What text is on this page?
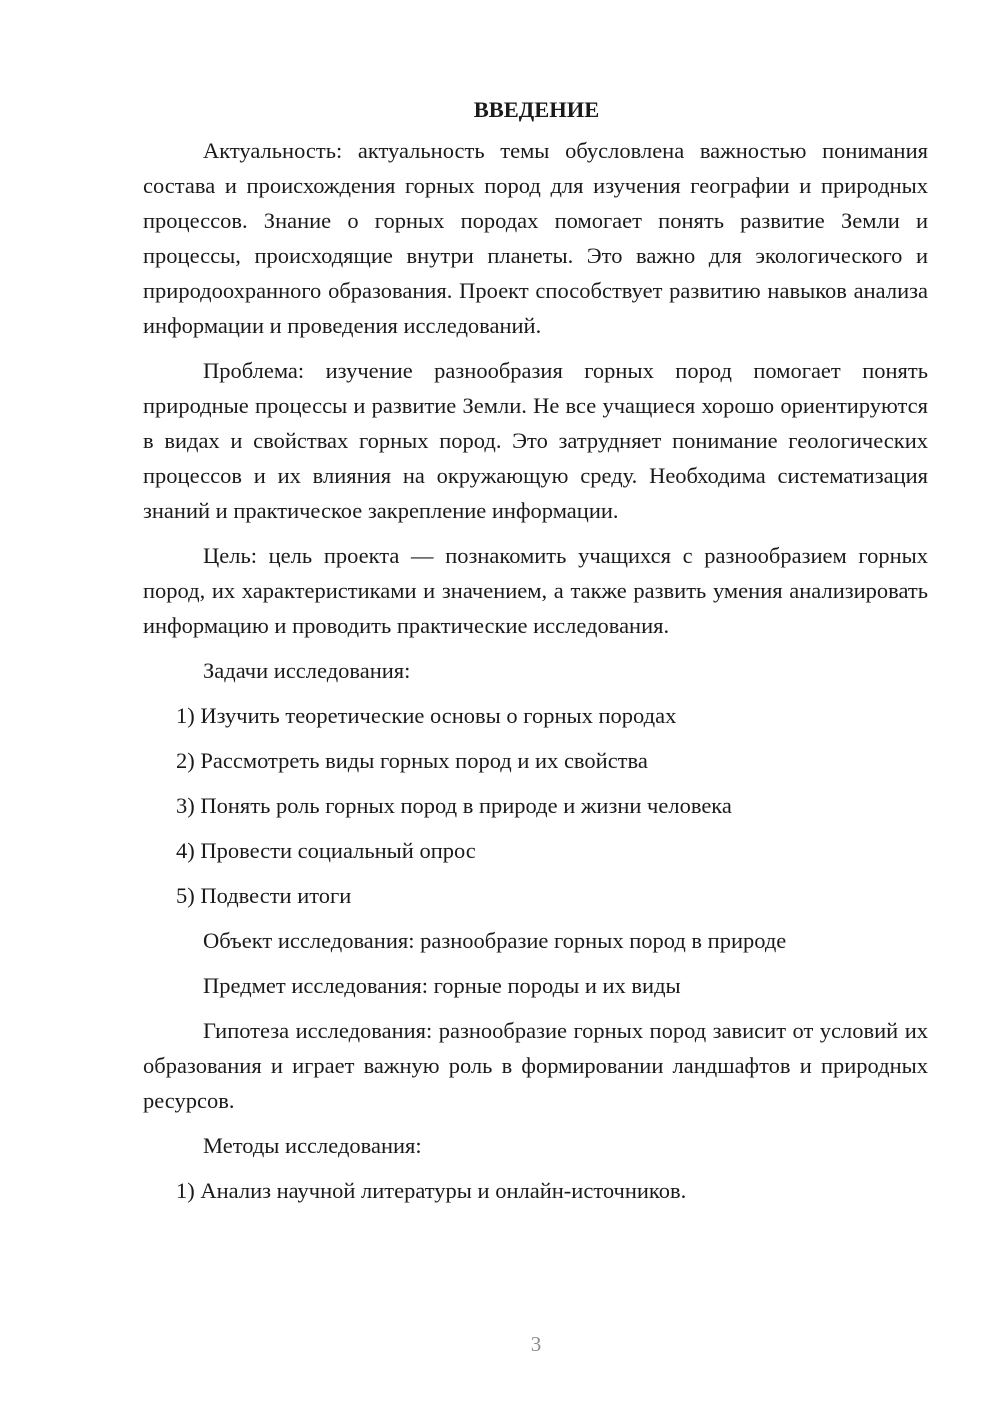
ВВЕДЕНИЕ

Актуальность: актуальность темы обусловлена важностью понимания состава и происхождения горных пород для изучения географии и природных процессов. Знание о горных породах помогает понять развитие Земли и процессы, происходящие внутри планеты. Это важно для экологического и природоохранного образования. Проект способствует развитию навыков анализа информации и проведения исследований.

Проблема: изучение разнообразия горных пород помогает понять природные процессы и развитие Земли. Не все учащиеся хорошо ориентируются в видах и свойствах горных пород. Это затрудняет понимание геологических процессов и их влияния на окружающую среду. Необходима систематизация знаний и практическое закрепление информации.

Цель: цель проекта — познакомить учащихся с разнообразием горных пород, их характеристиками и значением, а также развить умения анализировать информацию и проводить практические исследования.

Задачи исследования:

1) Изучить теоретические основы о горных породах

2) Рассмотреть виды горных пород и их свойства

3) Понять роль горных пород в природе и жизни человека

4) Провести социальный опрос

5) Подвести итоги

Объект исследования: разнообразие горных пород в природе

Предмет исследования: горные породы и их виды

Гипотеза исследования: разнообразие горных пород зависит от условий их образования и играет важную роль в формировании ландшафтов и природных ресурсов.

Методы исследования:

1) Анализ научной литературы и онлайн-источников.

3
